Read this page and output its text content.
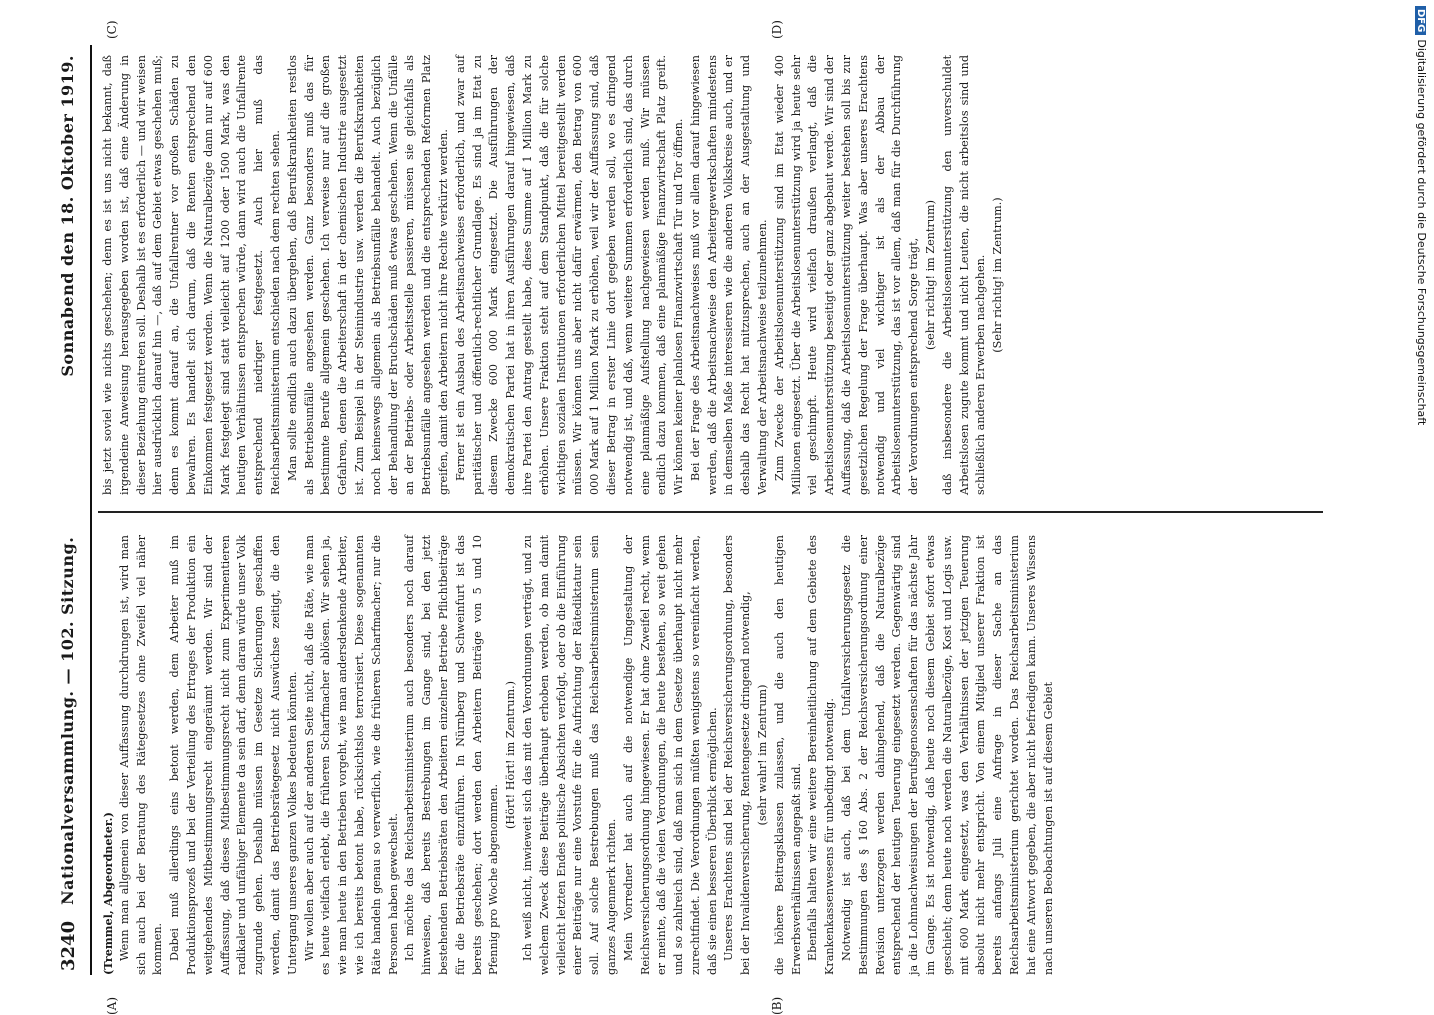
3240
Nationalversammlung. — 102. Sitzung.
Sonnabend den 18. Oktober 1919.
(A)	(B)
(C)	(D)

(Tremmel, Abgeordneter.) Wenn man allgemein von dieser Auffassung durchdrungen ist, wird man sich auch bei der Beratung des Rätegesetzes ohne Zweifel viel näher kommen. Dabei muß allerdings eins betont werden, dem Arbeiter muß im Produktionsprozeß und bei der Verteilung des Ertrages der Produktion ein weitgehendes Mitbestimmungsrecht eingeräumt werden. Wir sind der Auffassung, daß dieses Mitbestimmungsrecht nicht zum Experimentieren radikaler und unfähiger Elemente da sein darf, denn daran würde unser Volk zugrunde gehen. Deshalb müssen im Gesetze Sicherungen geschaffen werden, damit das Betriebsrätegesetz nicht Auswüchse zeitigt, die den Untergang unseres ganzen Volkes bedeuten könnten. Wir wollen aber auch auf der anderen Seite nicht, daß die Räte, wie man es heute vielfach erlebt, die früheren Scharfmacher ablösen. Wir sehen ja, wie man heute in den Betrieben vorgeht, wie man andersdenkende Arbeiter, wie ich bereits betont habe, rücksichtslos terrorisiert. Diese sogenannten Räte handeln genau so verwerflich, wie die früheren Scharfmacher; nur die Personen haben gewechselt. Ich möchte das Reichsarbeitsministerium auch besonders noch darauf hinweisen, daß bereits Bestrebungen im Gange sind, bei den jetzt bestehenden Betriebsräten den Arbeitern einzelner Betriebe Pflichtbeiträge für die Betriebsräte einzuführen. In Nürnberg und Schweinfurt ist das bereits geschehen; dort werden den Arbeitern Beiträge von 5 und 10 Pfennig pro Woche abgenommen.

(Hört! Hört! im Zentrum.) Ich weiß nicht, inwieweit sich das mit den Verordnungen verträgt, und zu welchem Zweck diese Beiträge überhaupt erhoben werden, ob man damit vielleicht letzten Endes politische Absichten verfolgt, oder ob die Einführung einer Beiträge nur eine Vorstufe für die Aufrichtung der Rätediktatur sein soll. Auf solche Bestrebungen muß das Reichsarbeitsministerium sein ganzes Augenmerk richten. Mein Vorredner hat auch auf die notwendige Umgestaltung der Reichsversicherungsordnung hingewiesen. Er hat ohne Zweifel recht, wenn er meinte, daß die vielen Verordnungen, die heute bestehen, so weit gehen und so zahlreich sind, daß man sich in dem Gesetze überhaupt nicht mehr zurechtfindet. Die Verordnungen müßten wenigstens so vereinfacht werden, daß sie einen besseren Überblick ermöglichen. Unseres Erachtens sind bei der Reichsversicherungsordnung, besonders bei der Invalidenversicherung, Rentengesetze dringend notwendig, (sehr wahr! im Zentrum) die höhere Beitragsklassen zulassen, und die auch den heutigen Erwerbsverhältnissen angepaßt sind. Ebenfalls halten wir eine weitere Bereinheitlichung auf dem Gebiete des Krankenkassenwesens für unbedingt notwendig. Notwendig ist auch, daß bei dem Unfallversicherungsgesetz die Bestimmungen des § 160 Abs. 2 der Reichsversicherungsordnung einer Revision unterzogen werden dahingehend, daß die Naturalbezüge entsprechend der heutigen Teuerung eingesetzt werden. Gegenwärtig sind ja die Lohnnachweisungen der Berufsgenossenschaften für das nächste Jahr im Gange. Es ist notwendig, daß heute noch diesem Gebiet sofort etwas geschieht; denn heute noch werden die Naturalbezüge, Kost und Logis usw. mit 600 Mark eingesetzt, was den Verhältnissen der jetzigen Teuerung absolut nicht mehr entspricht. Von einem Mitglied unserer Fraktion ist bereits anfangs Juli eine Anfrage in dieser Sache an das Reichsarbeitsministerium gerichtet worden. Das Reichsarbeitsministerium hat eine Antwort gegeben, die aber nicht befriedigen kann. Unseres Wissens nach unseren Beobachtungen ist auf diesem Gebiet

bis jetzt soviel wie nichts geschehen; denn es ist uns nicht bekannt, daß irgendeine Anweisung herausgegeben worden ist, daß eine Änderung in dieser Beziehung eintreten soll. Deshalb ist es erforderlich — und wir weisen hier ausdrücklich darauf hin —, daß auf dem Gebiet etwas geschehen muß; denn es kommt darauf an, die Unfallrentner vor großen Schäden zu bewahren. Es handelt sich darum, daß die Renten entsprechend den Einkommen festgesetzt werden. Wenn die Naturalbezüge dann nur auf 600 Mark festgelegt sind statt vielleicht auf 1200 oder 1500 Mark, was den heutigen Verhältnissen entsprechen würde, dann wird auch die Unfallrente entsprechend niedriger festgesetzt. Auch hier muß das Reichsarbeitsministerium entschieden nach dem rechten sehen. Man sollte endlich auch dazu übergehen, daß Berufskrankheiten restlos als Betriebsunfälle angesehen werden. Ganz besonders muß das für bestimmte Berufe allgemein geschehen. Ich verweise nur auf die großen Gefahren, denen die Arbeiterschaft in der chemischen Industrie ausgesetzt ist. Zum Beispiel in der Steinindustrie usw. werden die Berufskrankheiten noch keineswegs allgemein als Betriebsunfälle behandelt. Auch bezüglich der Behandlung der Bruchschäden muß etwas geschehen. Wenn die Unfälle an der Betriebs- oder Arbeitsstelle passieren, müssen sie gleichfalls als Betriebsunfälle angesehen werden und die entsprechenden Reformen Platz greifen, damit den Arbeitern nicht ihre Rechte verkürzt werden. Ferner ist ein Ausbau des Arbeitsnachweises erforderlich, und zwar auf paritätischer und öffentlich-rechtlicher Grundlage. Es sind ja im Etat zu diesem Zwecke 600 000 Mark eingesetzt. Die Ausführungen der demokratischen Partei hat in ihren Ausführungen darauf hingewiesen, daß ihre Partei den Antrag gestellt habe, diese Summe auf 1 Million Mark zu erhöhen. Unsere Fraktion steht auf dem Standpunkt, daß die für solche wichtigen sozialen Institutionen erforderlichen Mittel bereitgestellt werden müssen. Wir können uns aber nicht dafür erwärmen, den Betrag von 600 000 Mark auf 1 Million Mark zu erhöhen, weil wir der Auffassung sind, daß dieser Betrag in erster Linie dort gegeben werden soll, wo es dringend notwendig ist, und daß, wenn weitere Summen erforderlich sind, das durch eine planmäßige Aufstellung nachgewiesen werden muß. Wir müssen endlich dazu kommen, daß eine planmäßige Finanzwirtschaft Platz greift. Wir können keiner planlosen Finanzwirtschaft Tür und Tor öffnen. Bei der Frage des Arbeitsnachweises muß vor allem darauf hingewiesen werden, daß die Arbeitsnachweise den Arbeitergewerkschaften mindestens in demselben Maße interessieren wie die anderen Volkskreise auch, und er deshalb das Recht hat mitzusprechen, auch an der Ausgestaltung und Verwaltung der Arbeitsnachweise teilzunehmen. Zum Zwecke der Arbeitslosenunterstützung sind im Etat wieder 400 Millionen eingesetzt. Über die Arbeitslosenunterstützung wird ja heute sehr viel geschimpft. Heute wird vielfach draußen verlangt, daß die Arbeitslosenunterstützung beseitigt oder ganz abgebaut werde. Wir sind der Auffassung, daß die Arbeitslosenunterstützung weiter bestehen soll bis zur gesetzlichen Regelung der Frage überhaupt. Was aber unseres Erachtens notwendig und viel wichtiger ist als der Abbau der Arbeitslosenunterstützung, das ist vor allem, daß man für die Durchführung der Verordnungen entsprechend Sorge trägt, (sehr richtig! im Zentrum) daß insbesondere die Arbeitslosenunterstützung den unverschuldet Arbeitslosen zugute kommt und nicht Leuten, die nicht arbeitslos sind und schließlich anderen Erwerben nachgehen. (Sehr richtig! im Zentrum.)

DFGDigitalisierung gefördert durch die Deutsche Forschungsgemeinschaft
